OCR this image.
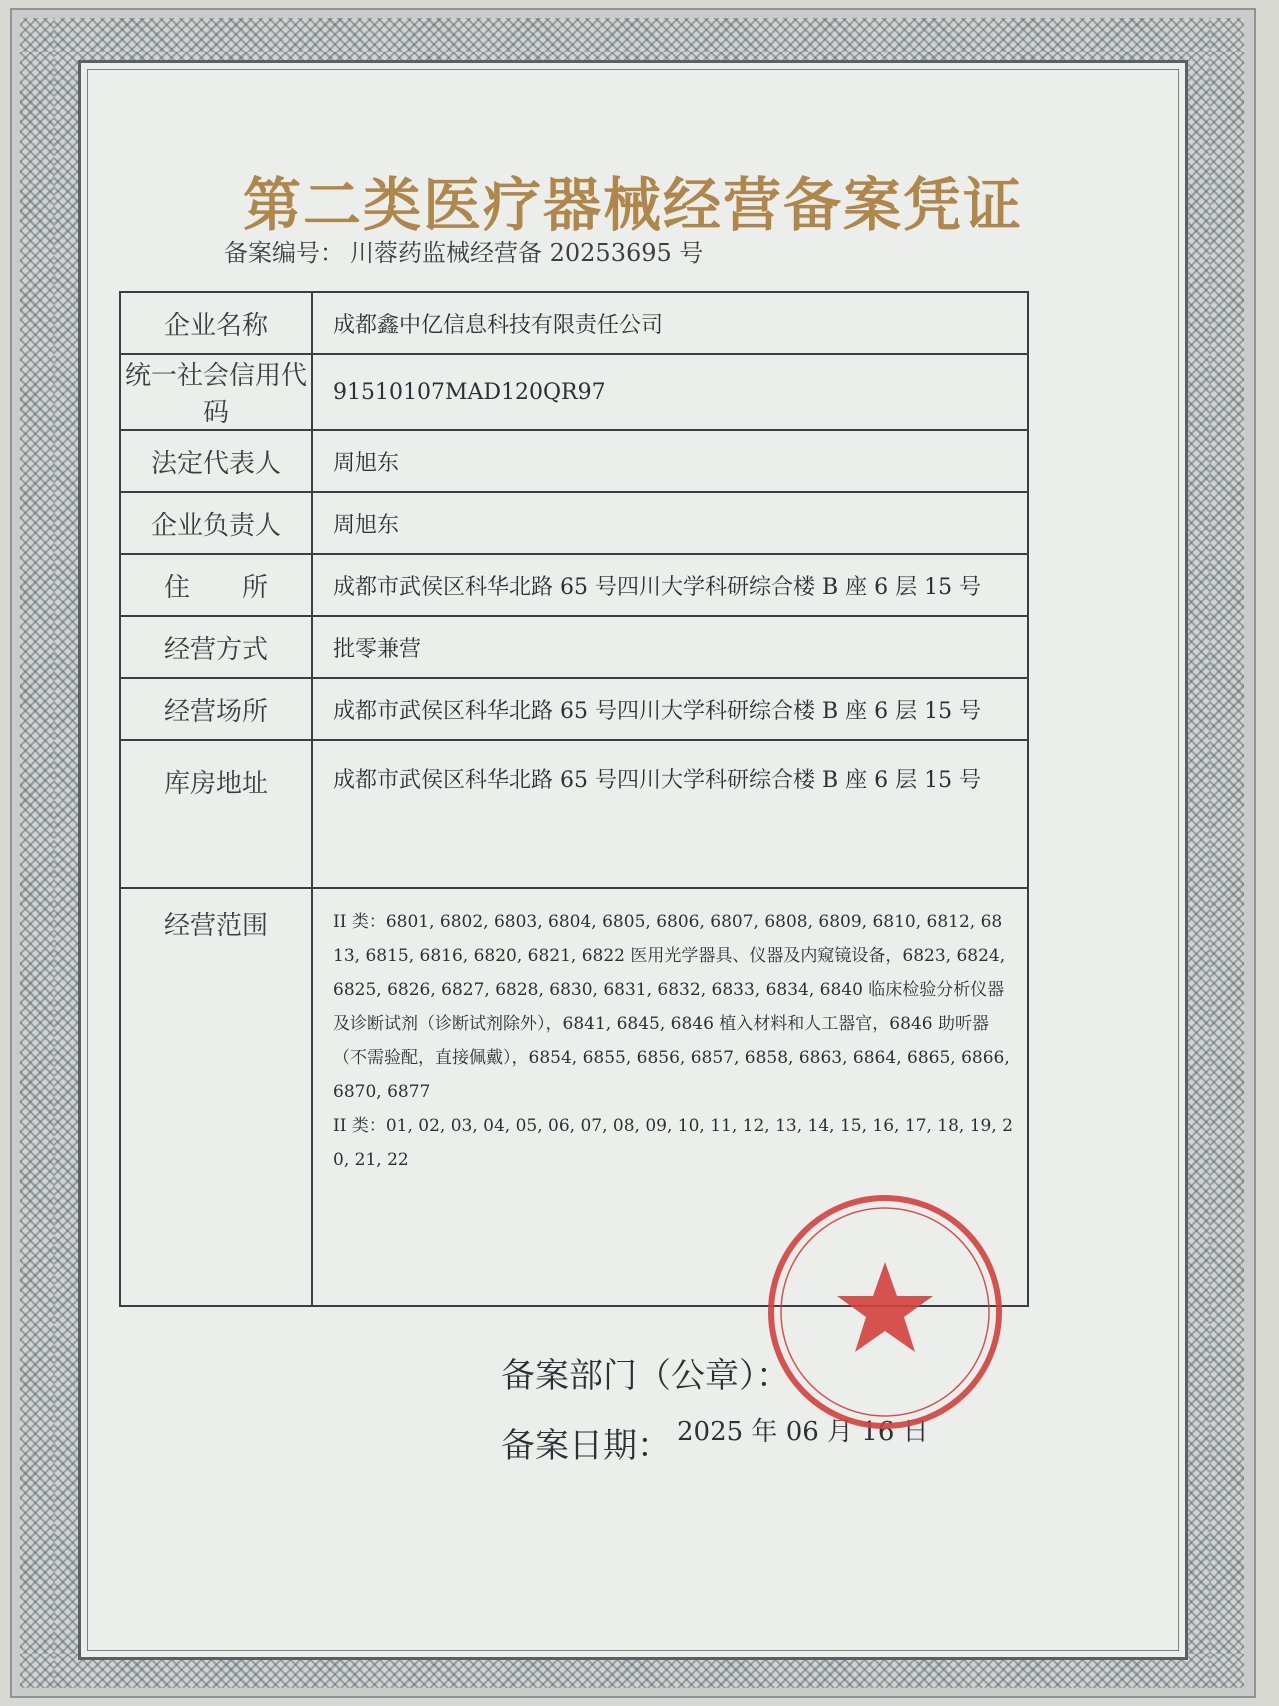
第二类医疗器械经营备案凭证
备案编号： 川蓉药监械经营备 20253695 号
企业名称	成都鑫中亿信息科技有限责任公司
统一社会信用代码	91510107MAD120QR97
法定代表人	周旭东
企业负责人	周旭东
住　　所	成都市武侯区科华北路 65 号四川大学科研综合楼 B 座 6 层 15 号
经营方式	批零兼营
经营场所	成都市武侯区科华北路 65 号四川大学科研综合楼 B 座 6 层 15 号
库房地址	成都市武侯区科华北路 65 号四川大学科研综合楼 B 座 6 层 15 号
经营范围	II 类：6801, 6802, 6803, 6804, 6805, 6806, 6807, 6808, 6809, 6810, 6812, 6813, 6815, 6816, 6820, 6821, 6822 医用光学器具、仪器及内窥镜设备，6823, 6824, 6825, 6826, 6827, 6828, 6830, 6831, 6832, 6833, 6834, 6840 临床检验分析仪器及诊断试剂（诊断试剂除外），6841, 6845, 6846 植入材料和人工器官，6846 助听器（不需验配，直接佩戴），6854, 6855, 6856, 6857, 6858, 6863, 6864, 6865, 6866, 6870, 6877
II 类：01, 02, 03, 04, 05, 06, 07, 08, 09, 10, 11, 12, 13, 14, 15, 16, 17, 18, 19, 20, 21, 22
备案部门（公章）：
备案日期： 2025 年 06 月 16 日
